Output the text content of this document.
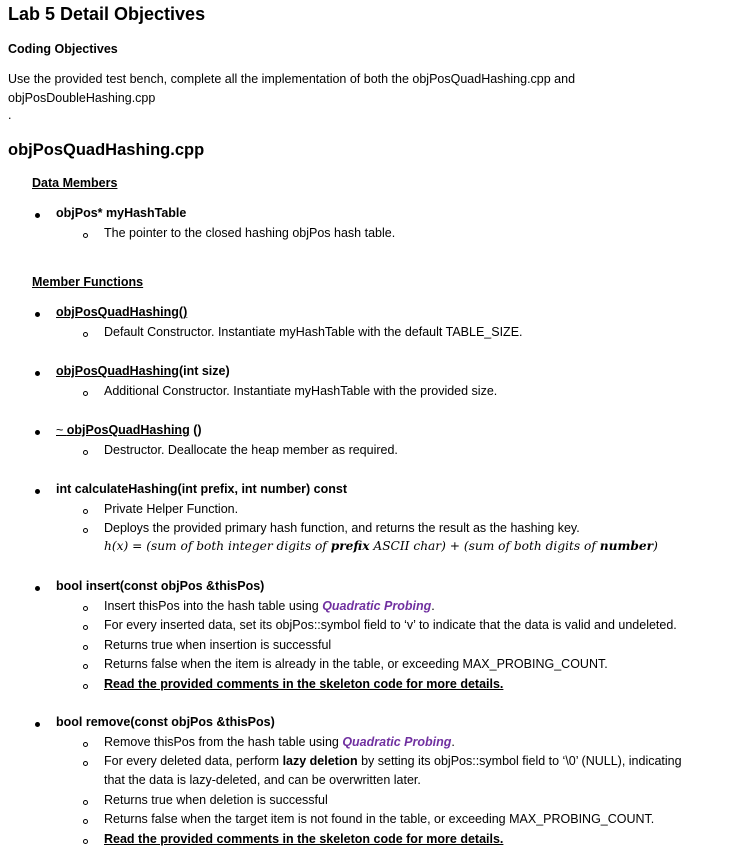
Lab 5 Detail Objectives
Coding Objectives
Use the provided test bench, complete all the implementation of both the objPosQuadHashing.cpp and
objPosDoubleHashing.cpp
.
objPosQuadHashing.cpp
Data Members
objPos* myHashTable
The pointer to the closed hashing objPos hash table.
Member Functions
objPosQuadHashing()
Default Constructor. Instantiate myHashTable with the default TABLE_SIZE.
objPosQuadHashing(int size)
Additional Constructor. Instantiate myHashTable with the provided size.
~ objPosQuadHashing ()
Destructor. Deallocate the heap member as required.
int calculateHashing(int prefix, int number) const
Private Helper Function.
Deploys the provided primary hash function, and returns the result as the hashing key.
h(x) = (sum of both integer digits of prefix ASCII char) + (sum of both digits of number)
bool insert(const objPos &thisPos)
Insert thisPos into the hash table using Quadratic Probing.
For every inserted data, set its objPos::symbol field to ‘v’ to indicate that the data is valid and undeleted.
Returns true when insertion is successful
Returns false when the item is already in the table, or exceeding MAX_PROBING_COUNT.
Read the provided comments in the skeleton code for more details.
bool remove(const objPos &thisPos)
Remove thisPos from the hash table using Quadratic Probing.
For every deleted data, perform lazy deletion by setting its objPos::symbol field to ‘\0’ (NULL), indicating
that the data is lazy-deleted, and can be overwritten later.
Returns true when deletion is successful
Returns false when the target item is not found in the table, or exceeding MAX_PROBING_COUNT.
Read the provided comments in the skeleton code for more details.
